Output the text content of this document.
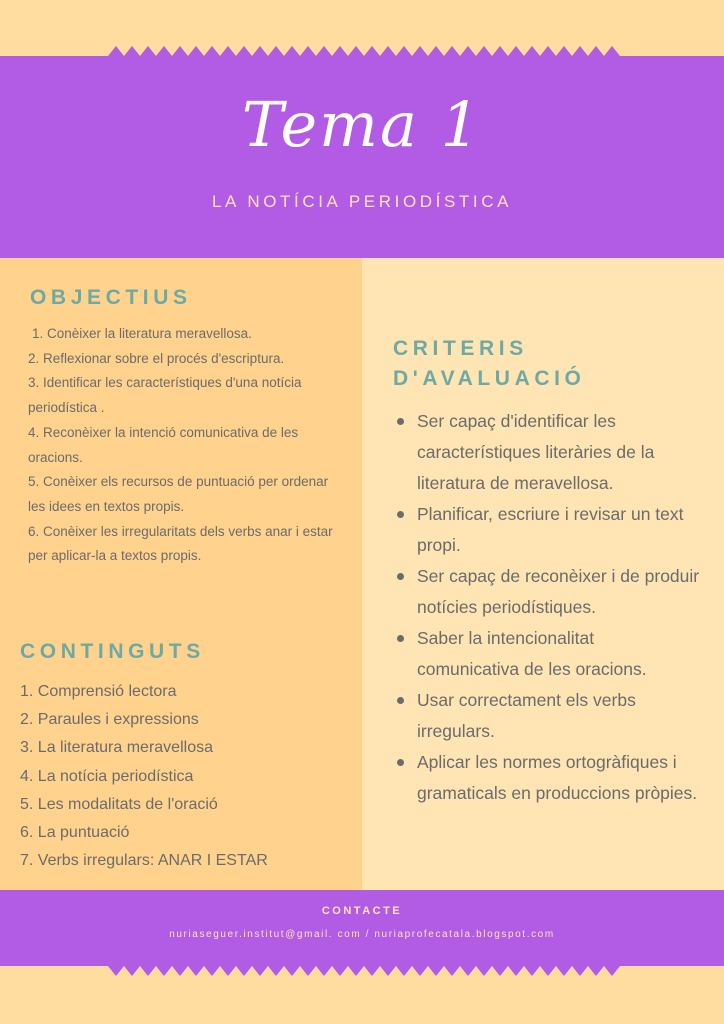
Tema 1

LA NOTÍCIA PERIODÍSTICA

OBJECTIUS
1. Conèixer la literatura meravellosa.
2. Reflexionar sobre el procés d'escriptura.
3. Identificar les característiques d'una notícia periodística .
4. Reconèixer la intenció comunicativa de les oracions.
5. Conèixer els recursos de puntuació per ordenar les idees en textos propis.
6. Conèixer les irregularitats dels verbs anar i estar per aplicar-la a textos propis.
CONTINGUTS
1. Comprensió lectora
2. Paraules i expressions
3. La literatura meravellosa
4. La notícia periodística
5. Les modalitats de l'oració
6. La puntuació
7. Verbs irregulars: ANAR I ESTAR
CRITERIS D'AVALUACIÓ
Ser capaç d'identificar les característiques literàries de la literatura de meravellosa.
Planificar, escriure i revisar un text propi.
Ser capaç de reconèixer i de produir notícies periodístiques.
Saber la intencionalitat comunicativa de les oracions.
Usar correctament els verbs irregulars.
Aplicar les normes ortogràfiques i gramaticals en produccions pròpies.

CONTACTE

nuriaseguer.institut@gmail. com / nuriaprofecatala.blogspot.com
